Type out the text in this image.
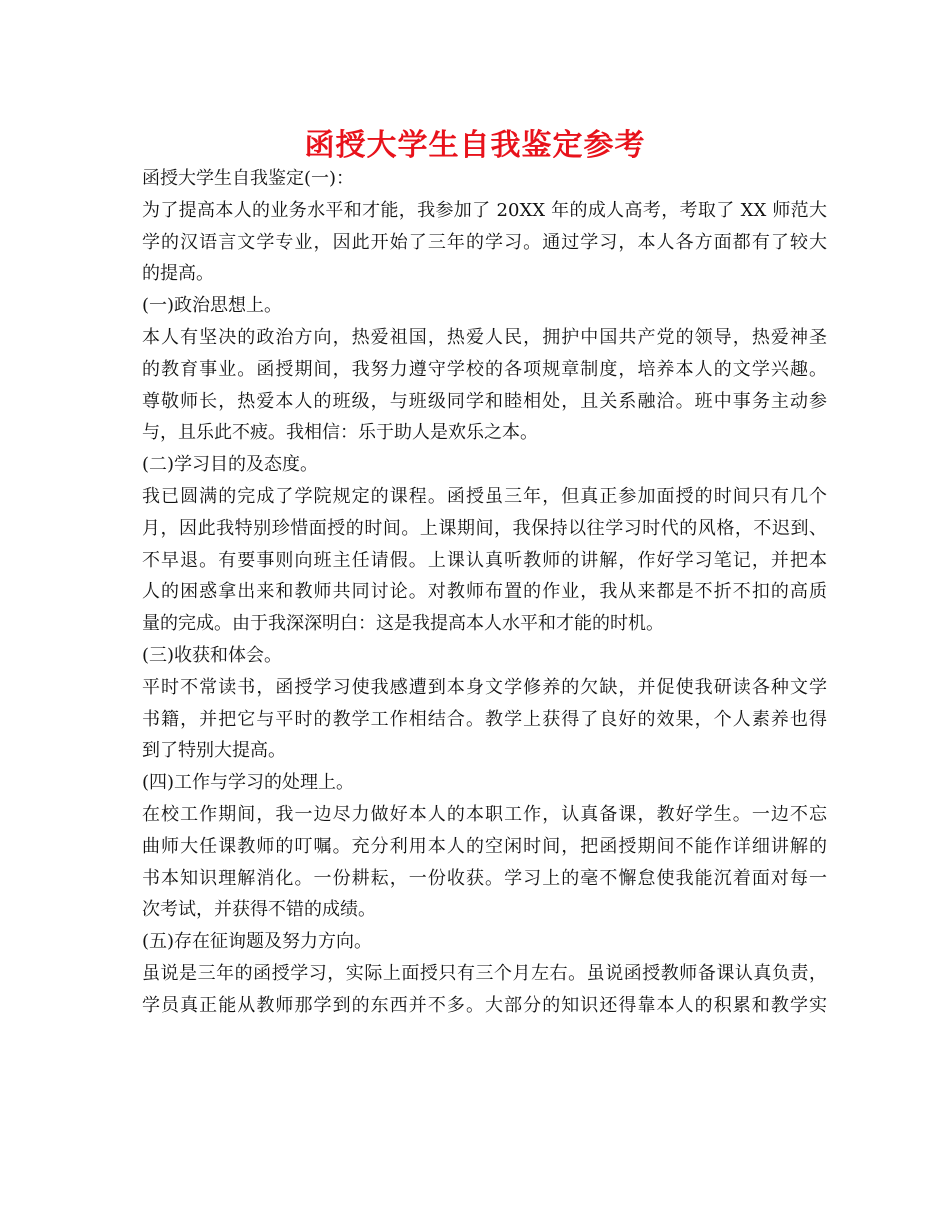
函授大学生自我鉴定参考
函授大学生自我鉴定(一)：
为了提高本人的业务水平和才能，我参加了 20XX 年的成人高考，考取了 XX 师范大
学的汉语言文学专业，因此开始了三年的学习。通过学习，本人各方面都有了较大
的提高。
(一)政治思想上。
本人有坚决的政治方向，热爱祖国，热爱人民，拥护中国共产党的领导，热爱神圣
的教育事业。函授期间，我努力遵守学校的各项规章制度，培养本人的文学兴趣。
尊敬师长，热爱本人的班级，与班级同学和睦相处，且关系融洽。班中事务主动参
与，且乐此不疲。我相信：乐于助人是欢乐之本。
(二)学习目的及态度。
我已圆满的完成了学院规定的课程。函授虽三年，但真正参加面授的时间只有几个
月，因此我特别珍惜面授的时间。上课期间，我保持以往学习时代的风格，不迟到、
不早退。有要事则向班主任请假。上课认真听教师的讲解，作好学习笔记，并把本
人的困惑拿出来和教师共同讨论。对教师布置的作业，我从来都是不折不扣的高质
量的完成。由于我深深明白：这是我提高本人水平和才能的时机。
(三)收获和体会。
平时不常读书，函授学习使我感遭到本身文学修养的欠缺，并促使我研读各种文学
书籍，并把它与平时的教学工作相结合。教学上获得了良好的效果，个人素养也得
到了特别大提高。
(四)工作与学习的处理上。
在校工作期间，我一边尽力做好本人的本职工作，认真备课，教好学生。一边不忘
曲师大任课教师的叮嘱。充分利用本人的空闲时间，把函授期间不能作详细讲解的
书本知识理解消化。一份耕耘，一份收获。学习上的毫不懈怠使我能沉着面对每一
次考试，并获得不错的成绩。
(五)存在征询题及努力方向。
虽说是三年的函授学习，实际上面授只有三个月左右。虽说函授教师备课认真负责，
学员真正能从教师那学到的东西并不多。大部分的知识还得靠本人的积累和教学实
